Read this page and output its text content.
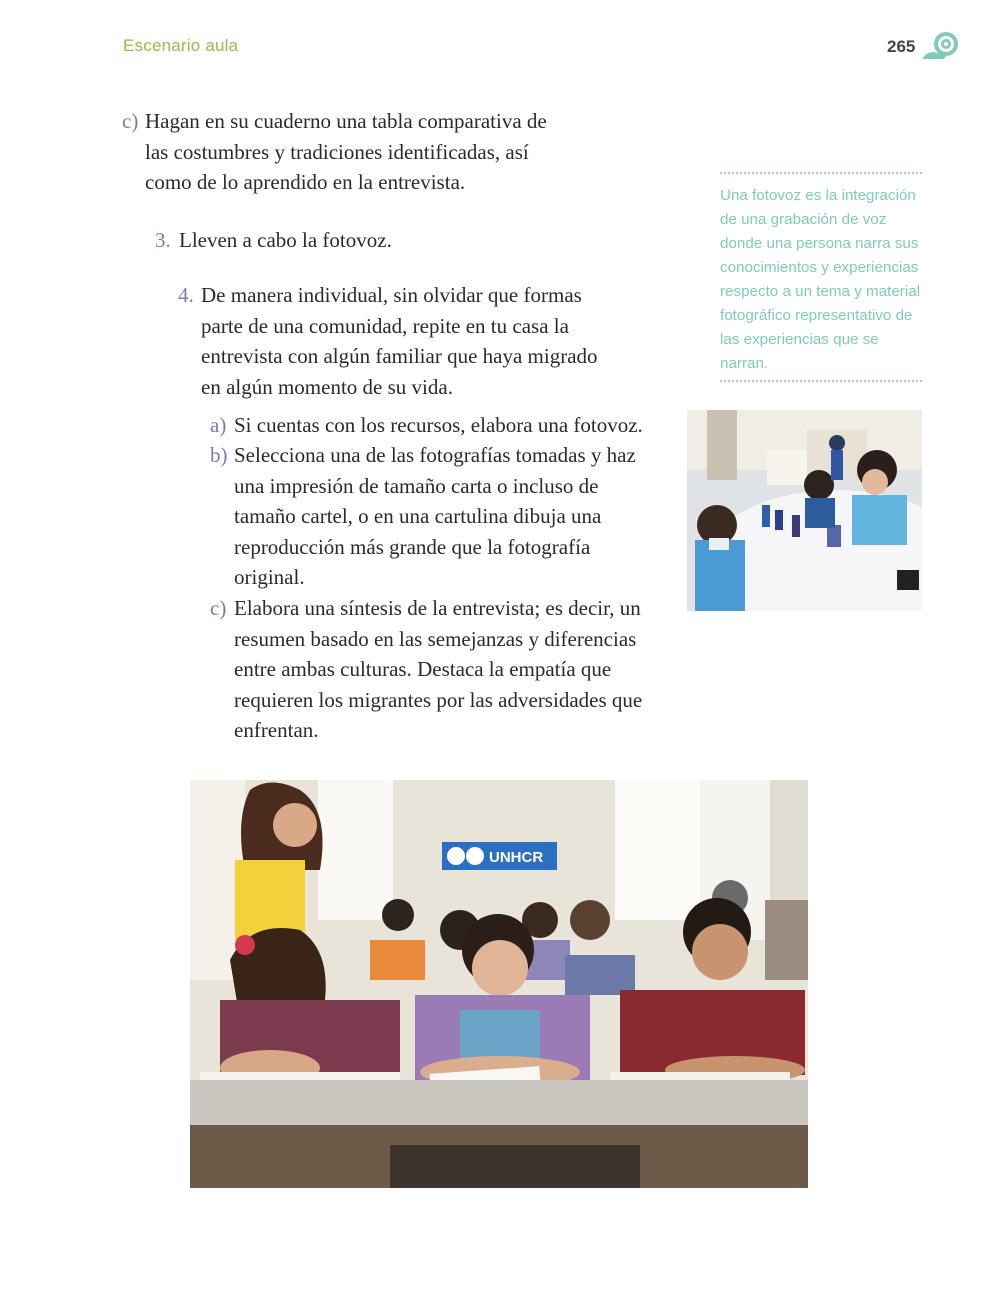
Escenario aula	265
c) Hagan en su cuaderno una tabla comparativa de las costumbres y tradiciones identificadas, así como de lo aprendido en la entrevista.
3. Lleven a cabo la fotovoz.
4. De manera individual, sin olvidar que formas parte de una comunidad, repite en tu casa la entrevista con algún familiar que haya migrado en algún momento de su vida.
a) Si cuentas con los recursos, elabora una fotovoz.
b) Selecciona una de las fotografías tomadas y haz una impresión de tamaño carta o incluso de tamaño cartel, o en una cartulina dibuja una reproducción más grande que la fotografía original.
c) Elabora una síntesis de la entrevista; es decir, un resumen basado en las semejanzas y diferencias entre ambas culturas. Destaca la empatía que requieren los migrantes por las adversidades que enfrentan.
Una fotovoz es la integración de una grabación de voz donde una persona narra sus conocimientos y experiencias respecto a un tema y material fotográfico representativo de las experiencias que se narran.
UNHCR
